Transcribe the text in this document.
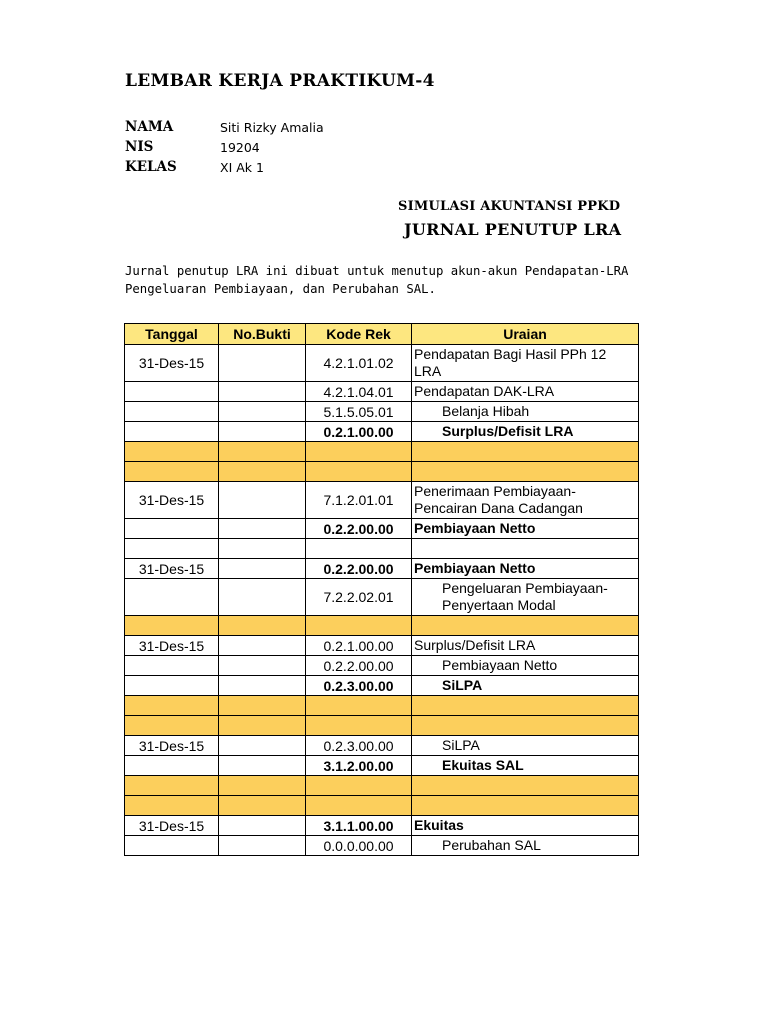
LEMBAR KERJA PRAKTIKUM-4
NAMA	Siti Rizky Amalia
NIS	19204
KELAS	XI Ak 1
SIMULASI AKUNTANSI PPKD
JURNAL PENUTUP LRA
Jurnal penutup LRA ini dibuat untuk menutup akun-akun Pendapatan-LRA
Pengeluaran Pembiayaan, dan Perubahan SAL.
Tanggal	No.Bukti	Kode Rek	Uraian
31-Des-15		4.2.1.01.02	Pendapatan Bagi Hasil PPh 12 LRA
		4.2.1.04.01	Pendapatan DAK-LRA
		5.1.5.05.01	Belanja Hibah
		0.2.1.00.00	Surplus/Defisit LRA

31-Des-15		7.1.2.01.01	Penerimaan Pembiayaan-Pencairan Dana Cadangan
		0.2.2.00.00	Pembiayaan Netto

31-Des-15		0.2.2.00.00	Pembiayaan Netto
		7.2.2.02.01	Pengeluaran Pembiayaan-Penyertaan Modal

31-Des-15		0.2.1.00.00	Surplus/Defisit LRA
		0.2.2.00.00	Pembiayaan Netto
		0.2.3.00.00	SiLPA

31-Des-15		0.2.3.00.00	SiLPA
		3.1.2.00.00	Ekuitas SAL

31-Des-15		3.1.1.00.00	Ekuitas
		0.0.0.00.00	Perubahan SAL
